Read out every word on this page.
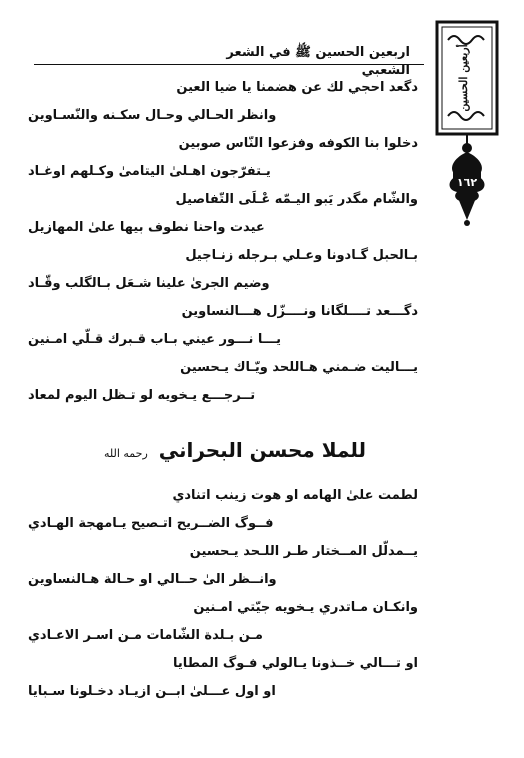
اربعين الحسين ﷺ في الشعر الشعبي	أربعين الحسين
١٦٢
دگعد احجي لك عن هضمنا يا ضيا العين
وانظر الحـالي وحـال سكـنه والنّسـاوين
دخلوا بنا الكوفه وفزعوا النّاس صوبين
يـتفرّجون اهـلىٰ اليتامىٰ وكـلهم اوغـاد
والشّام مگدر يَبو اليـمّه عْـلَى التّفاصيل
عيدت واحنا نطوف بيها علىٰ المهازيل
بـالحبل گـادونا وعـلي بـرجله زنـاجيل
وضيم الجرىٰ علينا شـعَل بـالگلب وقّـاد
دگـــعد تــــلگانا ونــــزّل هـــالنساوين
يـــا نـــور عيني بـاب قـبرك قـلّي امـنين
يـــاليت ضـمني هـاللحد ويّـاك يـحسين
تــرجـــع يـخويه لو تـظل اليوم لمعاد
للملا محسن البحراني رحمه الله
لطمت علىٰ الهامه او هوت زينب اتنادي
فــوگ الضــريح اتـصيح يـامهجة الهـادي
يــمدلّل المــختار طـر اللـحد يـحسين
وانــظر الىٰ حــالي او حـالة هـالنساوين
وانكـان مـاتدري يـخويه جيّتي امـنين
مـن بـلدة الشّامات مـن اسـر الاعـادي
او تـــالي خــذونا يـالولي فـوگ المطايا
او اول عـــلىٰ ابــن ازيـاد دخـلونا سـبايا
